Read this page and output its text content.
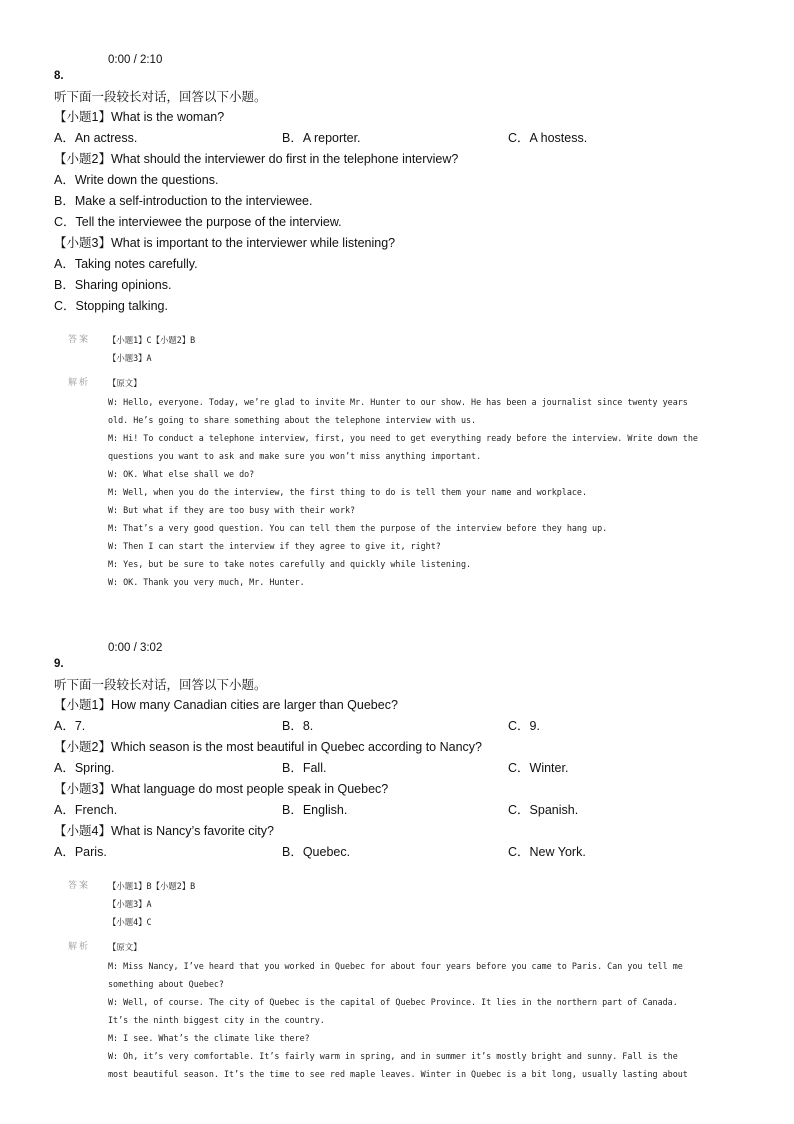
0:00 / 2:10
8.
听下面一段较长对话，回答以下小题。
【小题1】What is the woman?
A．An actress.	B．A reporter.	C．A hostess.
【小题2】What should the interviewer do first in the telephone interview?
A．Write down the questions.
B．Make a self-introduction to the interviewee.
C．Tell the interviewee the purpose of the interview.
【小题3】What is important to the interviewer while listening?
A．Taking notes carefully.
B．Sharing opinions.
C．Stopping talking.
答案 【小题1】C【小题2】B
【小题3】A
解析 【原文】
W: Hello, everyone. Today, we’re glad to invite Mr. Hunter to our show. He has been a journalist since twenty years
old. He’s going to share something about the telephone interview with us.
M: Hi! To conduct a telephone interview, first, you need to get everything ready before the interview. Write down the
questions you want to ask and make sure you won’t miss anything important.
W: OK. What else shall we do?
M: Well, when you do the interview, the first thing to do is tell them your name and workplace.
W: But what if they are too busy with their work?
M: That’s a very good question. You can tell them the purpose of the interview before they hang up.
W: Then I can start the interview if they agree to give it, right?
M: Yes, but be sure to take notes carefully and quickly while listening.
W: OK. Thank you very much, Mr. Hunter.
0:00 / 3:02
9.
听下面一段较长对话，回答以下小题。
【小题1】How many Canadian cities are larger than Quebec?
A．7.	B．8.	C．9.
【小题2】Which season is the most beautiful in Quebec according to Nancy?
A．Spring.	B．Fall.	C．Winter.
【小题3】What language do most people speak in Quebec?
A．French.	B．English.	C．Spanish.
【小题4】What is Nancy’s favorite city?
A．Paris.	B．Quebec.	C．New York.
答案 【小题1】B【小题2】B
【小题3】A
【小题4】C
解析 【原文】
M: Miss Nancy, I’ve heard that you worked in Quebec for about four years before you came to Paris. Can you tell me
something about Quebec?
W: Well, of course. The city of Quebec is the capital of Quebec Province. It lies in the northern part of Canada.
It’s the ninth biggest city in the country.
M: I see. What’s the climate like there?
W: Oh, it’s very comfortable. It’s fairly warm in spring, and in summer it’s mostly bright and sunny. Fall is the
most beautiful season. It’s the time to see red maple leaves. Winter in Quebec is a bit long, usually lasting about
